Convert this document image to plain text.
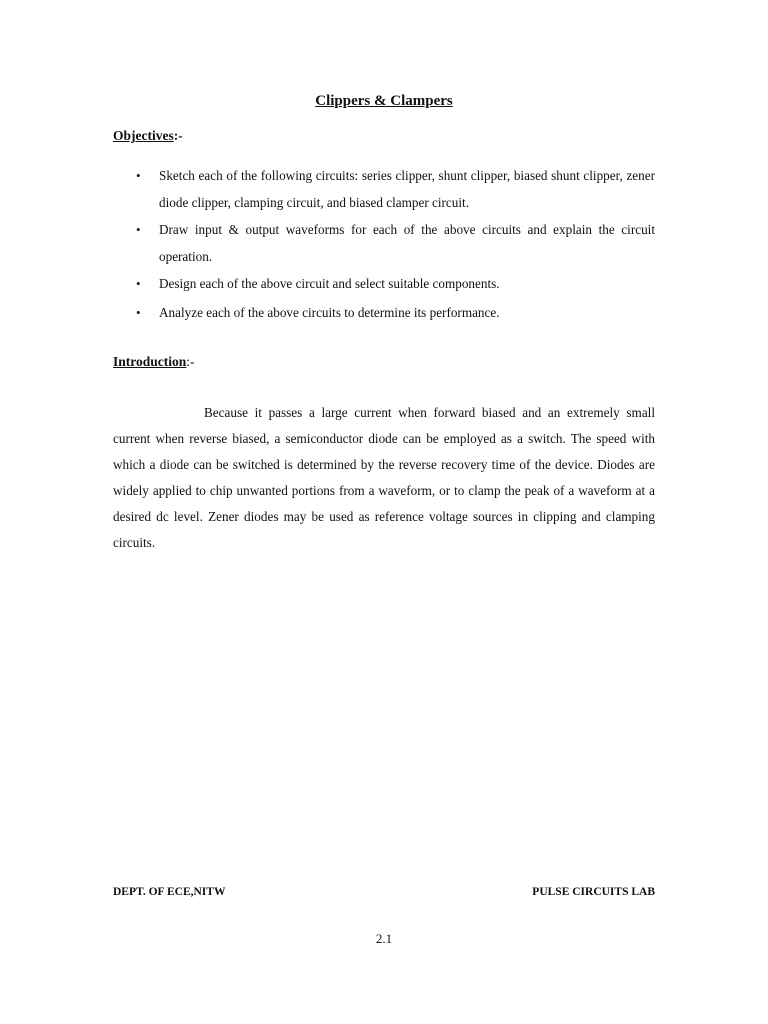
Clippers & Clampers
Objectives:-
• Sketch each of the following circuits: series clipper, shunt clipper, biased shunt clipper, zener diode clipper, clamping circuit, and biased clamper circuit.
• Draw input & output waveforms for each of the above circuits and explain the circuit operation.
• Design each of the above circuit and select suitable components.
• Analyze each of the above circuits to determine its performance.
Introduction:-

Because it passes a large current when forward biased and an extremely small current when reverse biased, a semiconductor diode can be employed as a switch. The speed with which a diode can be switched is determined by the reverse recovery time of the device. Diodes are widely applied to chip unwanted portions from a waveform, or to clamp the peak of a waveform at a desired dc level. Zener diodes may be used as reference voltage sources in clipping and clamping circuits.

DEPT. OF ECE,NITW	PULSE CIRCUITS LAB
2.1
